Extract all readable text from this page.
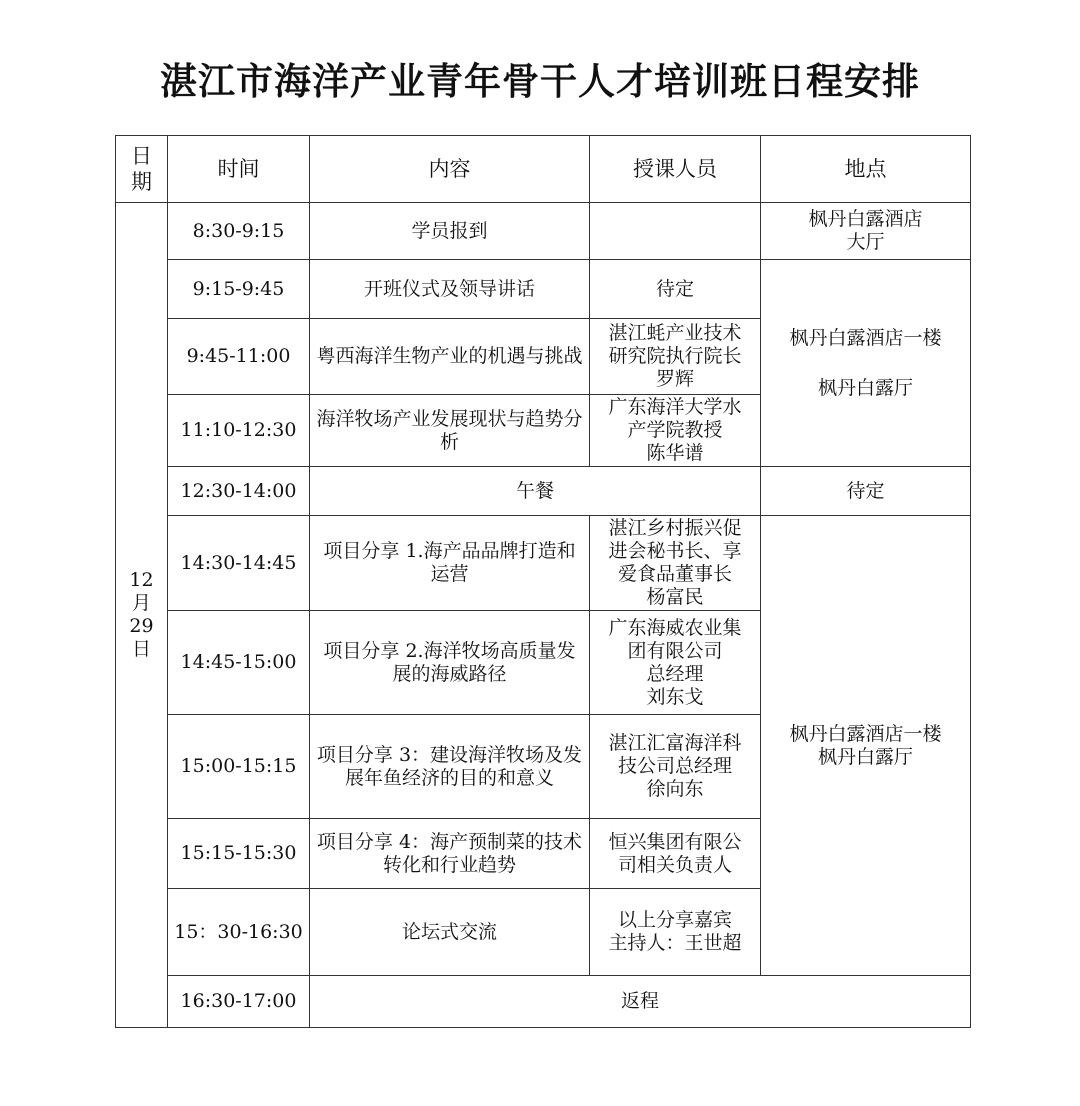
湛江市海洋产业青年骨干人才培训班日程安排
日
期	时间	内容	授课人员	地点

12
月
29
日	8:30-9:15	学员报到		枫丹白露酒店
大厅

	9:15-9:45	开班仪式及领导讲话	待定	枫丹白露酒店一楼
枫丹白露厅

	9:45-11:00	粤西海洋生物产业的机遇与挑战	湛江蚝产业技术
研究院执行院长
罗辉	

	11:10-12:30	海洋牧场产业发展现状与趋势分析	广东海洋大学水
产学院教授
陈华谱	

	12:30-14:00	午餐		待定
	14:30-14:45	项目分享 1.海产品品牌打造和运营	湛江乡村振兴促
进会秘书长、享
爱食品董事长
杨富民	枫丹白露酒店一楼
枫丹白露厅

	14:45-15:00	项目分享 2.海洋牧场高质量发展的海威路径	广东海威农业集
团有限公司
总经理
刘东戈	

	15:00-15:15	项目分享 3：建设海洋牧场及发展年鱼经济的目的和意义	湛江汇富海洋科
技公司总经理
徐向东	

	15:15-15:30	项目分享 4：海产预制菜的技术转化和行业趋势	恒兴集团有限公
司相关负责人	

	15：30-16:30	论坛式交流	以上分享嘉宾
主持人：王世超	

	16:30-17:00	返程		
